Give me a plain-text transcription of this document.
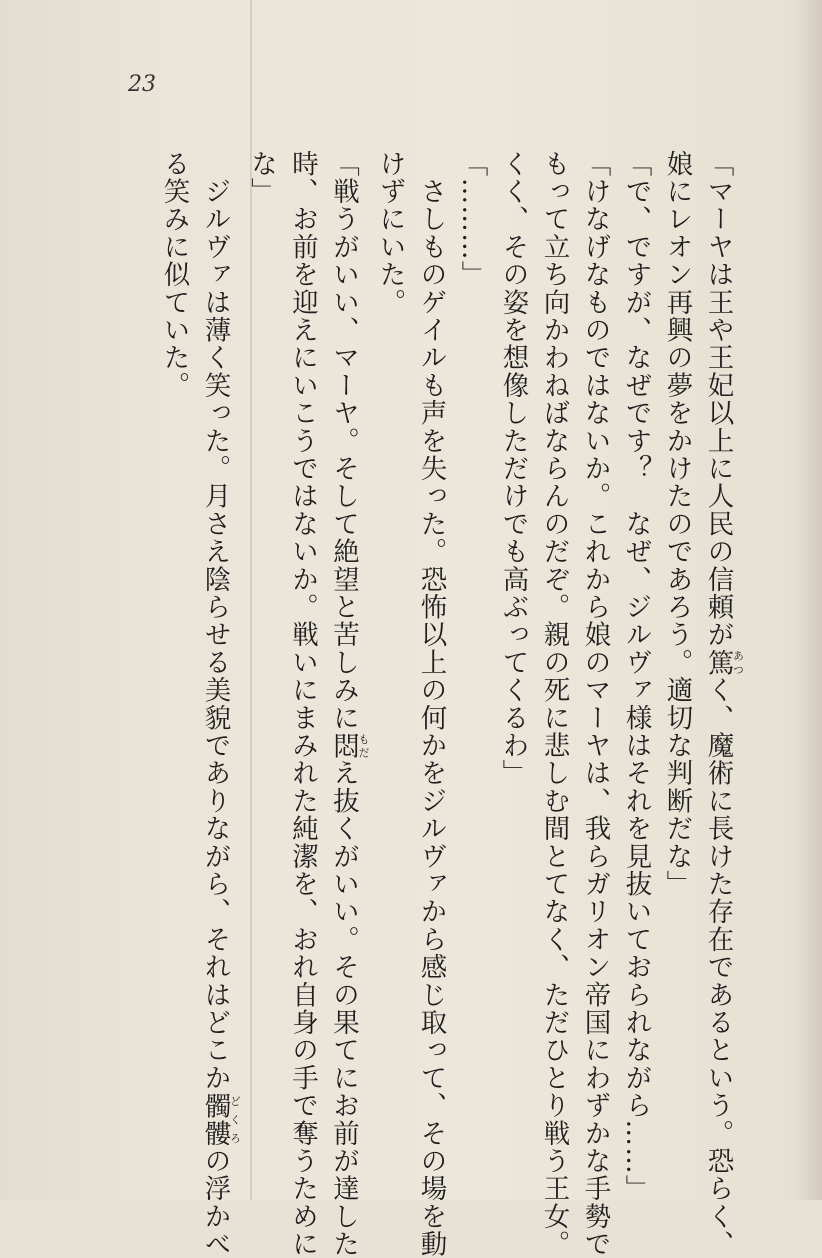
23

「マーヤは王や王妃以上に人民の信頼が篤あつく、魔術に長けた存在であるという。恐らく、

娘にレオン再興の夢をかけたのであろう。適切な判断だな」

「で、ですが、なぜです？　なぜ、ジルヴァ様はそれを見抜いておられながら……」

「けなげなものではないか。これから娘のマーヤは、我らガリオン帝国にわずかな手勢で

もって立ち向かわねばならんのだぞ。親の死に悲しむ間とてなく、ただひとり戦う王女。

くく、その姿を想像しただけでも高ぶってくるわ」

「………」

　さしものゲイルも声を失った。恐怖以上の何かをジルヴァから感じ取って、その場を動

けずにいた。

「戦うがいい、マーヤ。そして絶望と苦しみに悶もだえ抜くがいい。その果てにお前が達した

時、お前を迎えにいこうではないか。戦いにまみれた純潔を、おれ自身の手で奪うために

な」

　ジルヴァは薄く笑った。月さえ陰らせる美貌でありながら、それはどこか髑髏どくろの浮かべ

る笑みに似ていた。
